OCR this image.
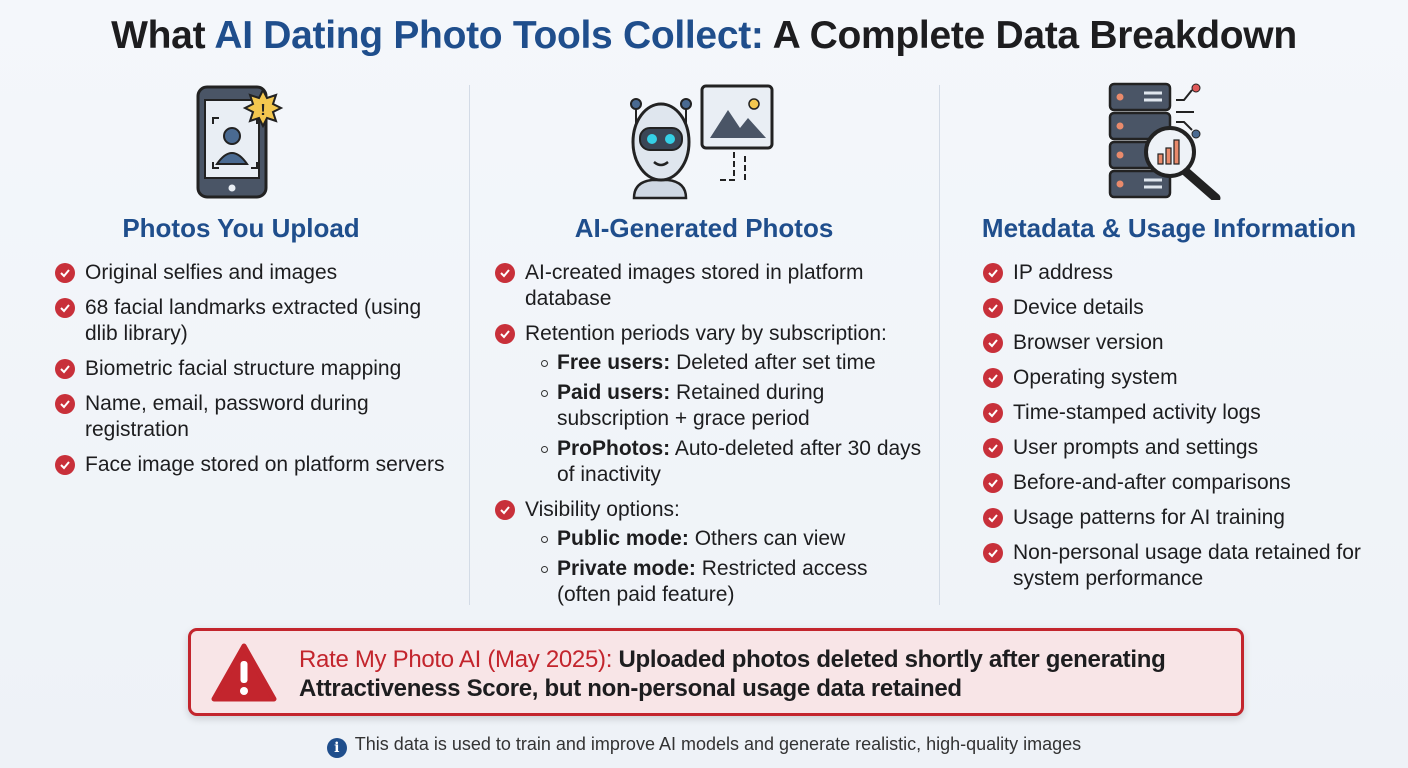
What AI Dating Photo Tools Collect: A Complete Data Breakdown
!
Photos You Upload
Original selfies and images
68 facial landmarks extracted (using dlib library)
Biometric facial structure mapping
Name, email, password during registration
Face image stored on platform servers
AI-Generated Photos
AI-created images stored in platform database
Retention periods vary by subscription:
Free users: Deleted after set time
Paid users: Retained during subscription + grace period
ProPhotos: Auto-deleted after 30 days of inactivity
Visibility options:
Public mode: Others can view
Private mode: Restricted access (often paid feature)
Metadata & Usage Information
IP address
Device details
Browser version
Operating system
Time-stamped activity logs
User prompts and settings
Before-and-after comparisons
Usage patterns for AI training
Non-personal usage data retained for system performance
Rate My Photo AI (May 2025): Uploaded photos deleted shortly after generating Attractiveness Score, but non-personal usage data retained
i This data is used to train and improve AI models and generate realistic, high-quality images
